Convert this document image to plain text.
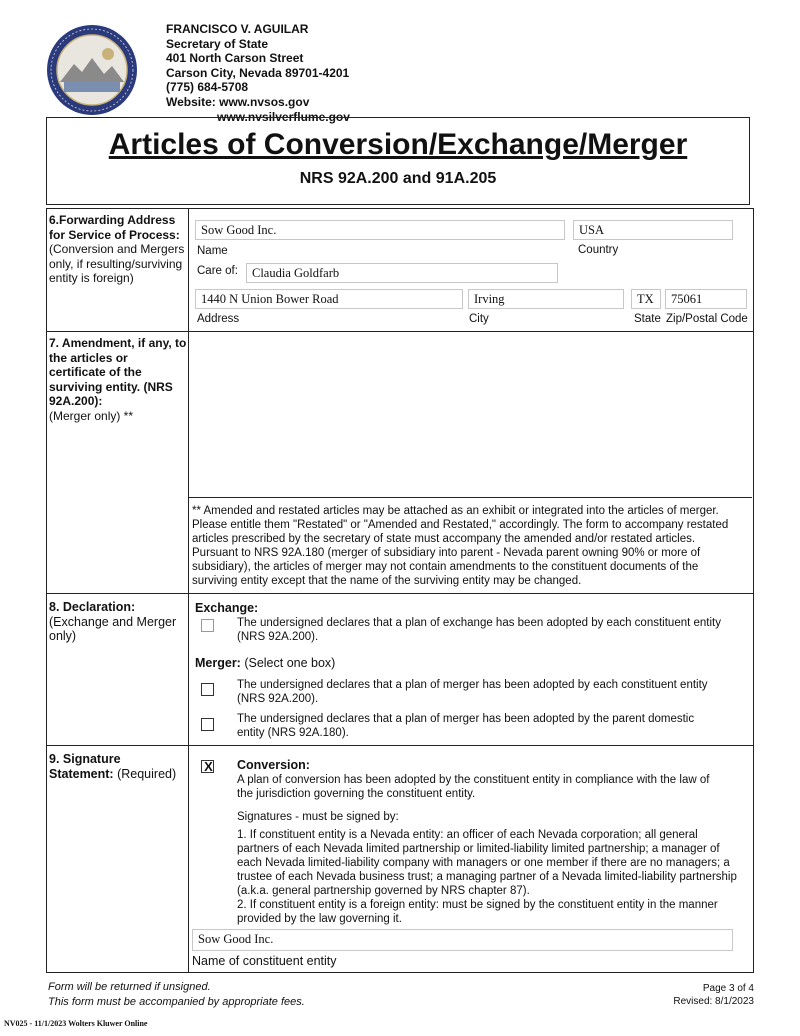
FRANCISCO V. AGUILAR
Secretary of State
401 North Carson Street
Carson City, Nevada 89701-4201
(775) 684-5708
Website: www.nvsos.gov
www.nvsilverflume.gov
Articles of Conversion/Exchange/Merger
NRS 92A.200 and 91A.205
6.Forwarding Address for Service of Process:
(Conversion and Mergers only, if resulting/surviving entity is foreign)
Sow Good Inc.
Name
USA
Country
Care of:	Claudia Goldfarb
1440 N Union Bower Road
Address
Irving
City
TX
State
75061
Zip/Postal Code
7. Amendment, if any, to the articles or certificate of the surviving entity. (NRS 92A.200):
(Merger only) **
** Amended and restated articles may be attached as an exhibit or integrated into the articles of merger.
Please entitle them "Restated" or "Amended and Restated," accordingly. The form to accompany restated
articles prescribed by the secretary of state must accompany the amended and/or restated articles.
Pursuant to NRS 92A.180 (merger of subsidiary into parent - Nevada parent owning 90% or more of
subsidiary), the articles of merger may not contain amendments to the constituent documents of the
surviving entity except that the name of the surviving entity may be changed.
8. Declaration:
(Exchange and Merger only)
Exchange:
The undersigned declares that a plan of exchange has been adopted by each constituent entity
(NRS 92A.200).
Merger: (Select one box)
The undersigned declares that a plan of merger has been adopted by each constituent entity
(NRS 92A.200).
The undersigned declares that a plan of merger has been adopted by the parent domestic
entity (NRS 92A.180).
9. Signature Statement: (Required)	X Conversion:
A plan of conversion has been adopted by the constituent entity in compliance with the law of
the jurisdiction governing the constituent entity.
Signatures - must be signed by:
1. If constituent entity is a Nevada entity: an officer of each Nevada corporation; all general
partners of each Nevada limited partnership or limited-liability limited partnership; a manager of
each Nevada limited-liability company with managers or one member if there are no managers; a
trustee of each Nevada business trust; a managing partner of a Nevada limited-liability partnership
(a.k.a. general partnership governed by NRS chapter 87).
2. If constituent entity is a foreign entity: must be signed by the constituent entity in the manner
provided by the law governing it.
Sow Good Inc.
Name of constituent entity
Form will be returned if unsigned.
This form must be accompanied by appropriate fees.
Page 3 of 4
Revised: 8/1/2023
NV025 - 11/1/2023 Wolters Kluwer Online
